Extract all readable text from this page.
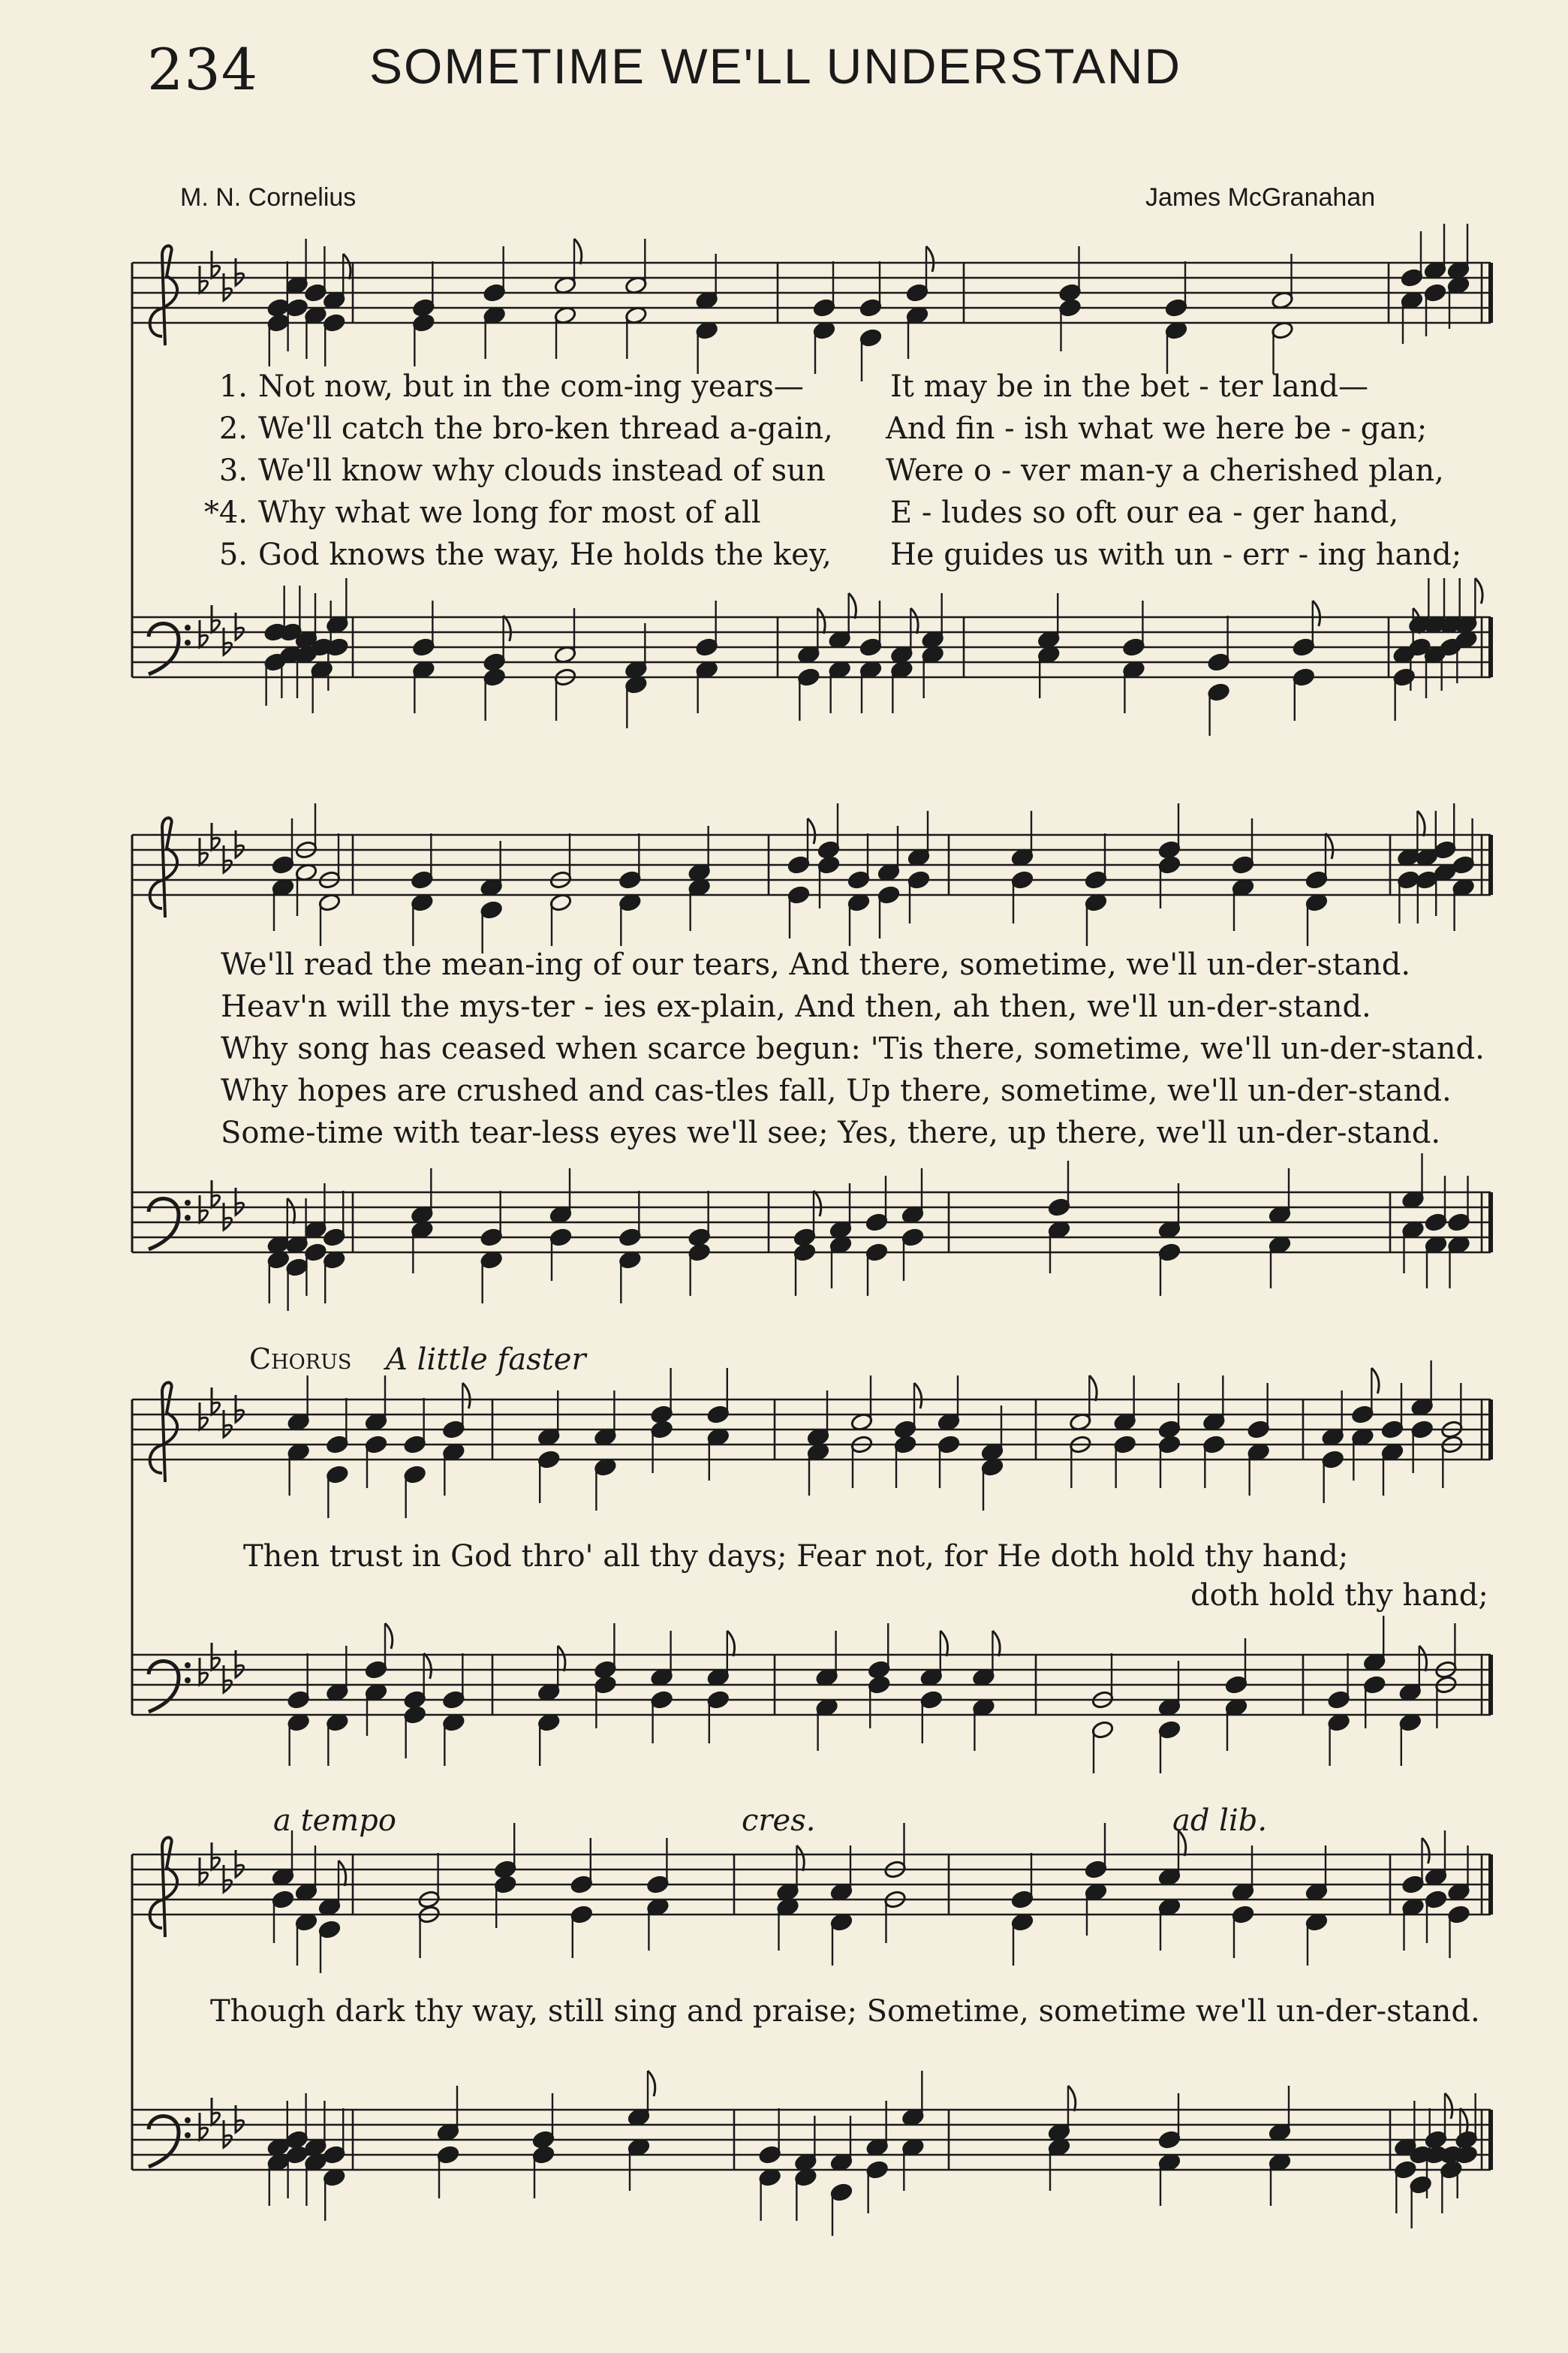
234 SOMETIME WE'LL UNDERSTAND
M. N. Cornelius	James McGranahan
1. Not now, but in the com-ing years—	It may be in the bet - ter land—
2. We'll catch the bro-ken thread a-gain, And fin - ish what we here be - gan;
3. We'll know why clouds instead of sun Were o - ver man-y a cherished plan,
*4. Why what we long for most of all	E - ludes so oft our ea - ger hand,
5. God knows the way, He holds the key, He guides us with un - err - ing hand;
We'll read the mean-ing of our tears, And there, sometime, we'll un-der-stand.
Heav'n will the mys-ter - ies ex-plain, And then, ah then, we'll un-der-stand.
Why song has ceased when scarce begun: 'Tis there, sometime, we'll un-der-stand.
Why hopes are crushed and cas-tles fall, Up there, sometime, we'll un-der-stand.
Some-time with tear-less eyes we'll see; Yes, there, up there, we'll un-der-stand.
Chorus A little faster
Then trust in God thro' all thy days; Fear not, for He doth hold thy hand;
doth hold thy hand;
a tempo	cres.	ad lib.
Though dark thy way, still sing and praise; Sometime, sometime we'll un-der-stand.
